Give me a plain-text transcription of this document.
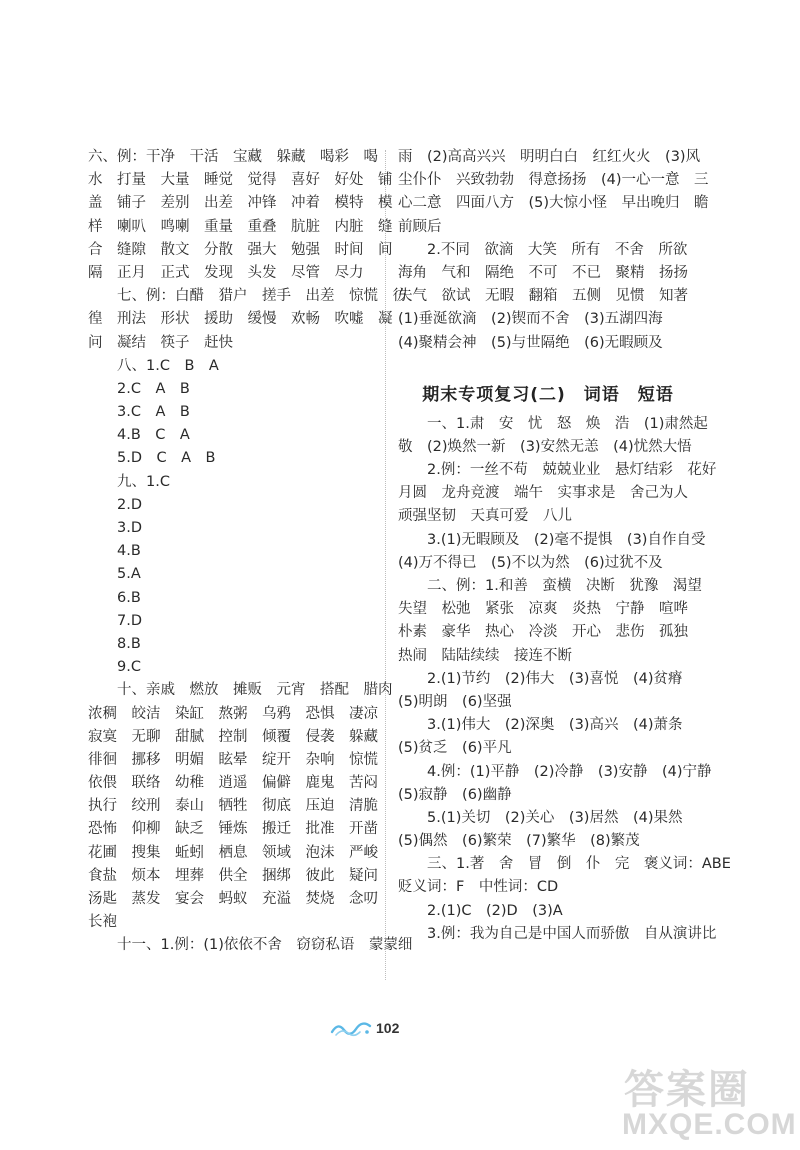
六、例：干净　干活　宝藏　躲藏　喝彩　喝
水　打量　大量　睡觉　觉得　喜好　好处　铺
盖　铺子　差别　出差　冲锋　冲着　模特　模
样　喇叭　鸣喇　重量　重叠　肮脏　内脏　缝
合　缝隙　散文　分散　强大　勉强　时间　间
隔　正月　正式　发现　头发　尽管　尽力
七、例：白醋　猎户　搓手　出差　惊慌　彷
徨　刑法　形状　援助　缓慢　欢畅　吹嘘　凝
问　凝结　筷子　赶快
八、1.C　B　A
2.C　A　B
3.C　A　B
4.B　C　A
5.D　C　A　B
九、1.C
2.D
3.D
4.B
5.A
6.B
7.D
8.B
9.C
十、亲戚　燃放　摊贩　元宵　搭配　腊肉
浓稠　皎洁　染缸　熬粥　乌鸦　恐惧　凄凉
寂寞　无聊　甜腻　控制　倾覆　侵袭　躲藏
徘徊　挪移　明媚　眩晕　绽开　杂响　惊慌
依偎　联络　幼稚　逍遥　偏僻　鹿鬼　苦闷
执行　绞刑　泰山　牺牲　彻底　压迫　清脆
恐怖　仰柳　缺乏　锤炼　搬迁　批准　开凿
花圃　搜集　蚯蚓　栖息　领域　泡沫　严峻
食盐　烦本　埋葬　供全　捆绑　彼此　疑问
汤匙　蒸发　宴会　蚂蚁　充溢　焚烧　念叨
长袍
十一、1.例：(1)依依不舍　窃窃私语　蒙蒙细
雨　(2)高高兴兴　明明白白　红红火火　(3)风
尘仆仆　兴致勃勃　得意扬扬　(4)一心一意　三
心二意　四面八方　(5)大惊小怪　早出晚归　瞻
前顾后
2.不同　欲滴　大笑　所有　不舍　所欲
海角　气和　隔绝　不可　不已　聚精　扬扬
失气　欲试　无暇　翻箱　五侧　见惯　知著
(1)垂涎欲滴　(2)锲而不舍　(3)五湖四海
(4)聚精会神　(5)与世隔绝　(6)无暇顾及
期末专项复习(二)　词语　短语
一、1.肃　安　忧　怒　焕　浩　(1)肃然起
敬　(2)焕然一新　(3)安然无恙　(4)忧然大悟
2.例：一丝不苟　兢兢业业　悬灯结彩　花好
月圆　龙舟竞渡　端午　实事求是　舍己为人
顽强坚韧　天真可爱　八儿
3.(1)无暇顾及　(2)毫不提惧　(3)自作自受
(4)万不得已　(5)不以为然　(6)过犹不及
二、例：1.和善　蛮横　决断　犹豫　渴望
失望　松弛　紧张　凉爽　炎热　宁静　喧哗
朴素　豪华　热心　冷淡　开心　悲伤　孤独
热闹　陆陆续续　接连不断
2.(1)节约　(2)伟大　(3)喜悦　(4)贫瘠
(5)明朗　(6)坚强
3.(1)伟大　(2)深奥　(3)高兴　(4)萧条
(5)贫乏　(6)平凡
4.例：(1)平静　(2)冷静　(3)安静　(4)宁静
(5)寂静　(6)幽静
5.(1)关切　(2)关心　(3)居然　(4)果然
(5)偶然　(6)繁荣　(7)繁华　(8)繁茂
三、1.著　舍　冒　倒　仆　完　褒义词：ABE
贬义词：F　中性词：CD
2.(1)C　(2)D　(3)A
3.例：我为自己是中国人而骄傲　自从演讲比
102
答案圈
MXQE.COM
